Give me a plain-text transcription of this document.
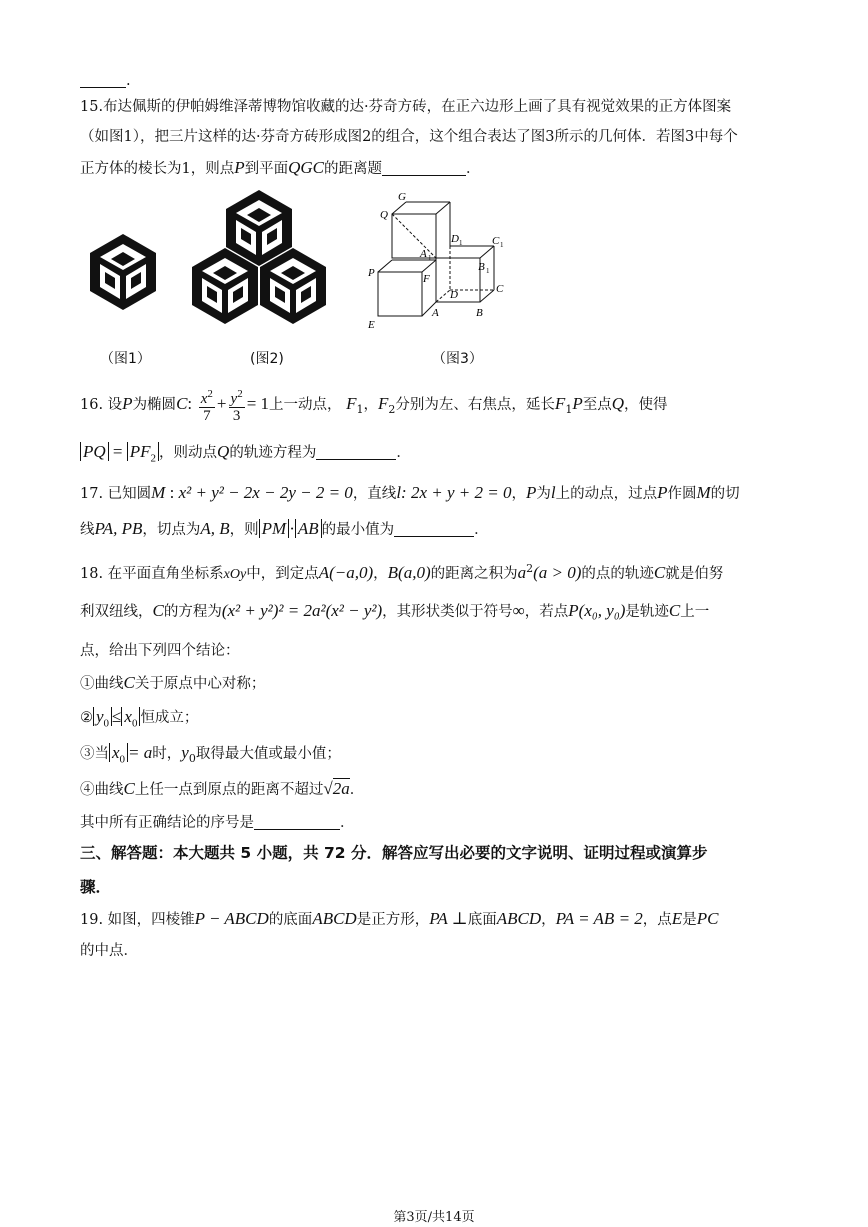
.
15.布达佩斯的伊帕姆维泽蒂博物馆收藏的达·芬奇方砖，在正六边形上画了具有视觉效果的正方体图案
（如图1），把三片这样的达·芬奇方砖形成图2的组合，这个组合表达了图3所示的几何体．若图3中每个
正方体的棱长为1，则点P到平面QGC的距离题	．
G
Q
D 1	C 1
A 1
B 1
P	F
D	C
E
A	B
（图1）	(图2)	（图3）
16. 设P为椭圆C: $\frac{x^2}{7} + \frac{y^2}{3} = 1$上一动点， $F_1$，$F_2$分别为左、右焦点，延长$F_1P$至点Q，使得
PQ = $PF_2$ ，则动点Q的轨迹方程为	．
17. 已知圆M : x² + y² − 2x − 2y − 2 = 0，直线l: 2x + y + 2 = 0，P为l上的动点，过点P作圆M的切
线PA, PB，切点为A, B，则 PM · AB 的最小值为	．
18. 在平面直角坐标系xOy中，到定点A(−a,0)，B(a,0)的距离之积为$a^2(a > 0)$的点的轨迹C就是伯努
利双纽线，C的方程为(x² + y²)² = 2a²(x² − y²)，其形状类似于符号∞，若点P(x₀, y₀)是轨迹C上一
点，给出下列四个结论：
①曲线C关于原点中心对称；
② $y_0 \le x_0$ 恒成立；
③当 $x_0 = a$时，$y_0$取得最大值或最小值；
④曲线C上任一点到原点的距离不超过√2a．
其中所有正确结论的序号是	．
三、解答题：本大题共 5 小题，共 72 分．解答应写出必要的文字说明、证明过程或演算步
骤．
19. 如图，四棱锥P − ABCD的底面ABCD是正方形，PA ⊥底面ABCD，PA = AB = 2，点E是PC
的中点．
第3页/共14页
